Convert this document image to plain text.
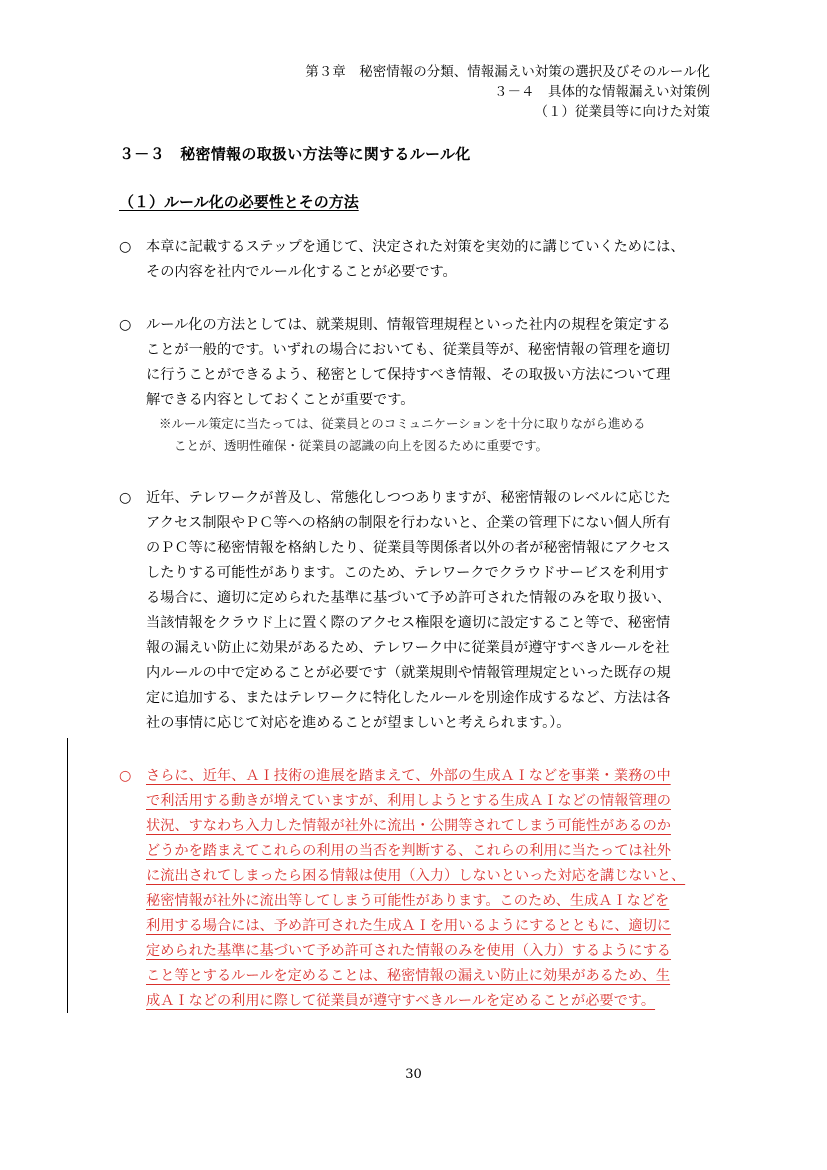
第３章　秘密情報の分類、情報漏えい対策の選択及びそのルール化
３－４　具体的な情報漏えい対策例
（１）従業員等に向けた対策
３－３　秘密情報の取扱い方法等に関するルール化
（１）ルール化の必要性とその方法
○ 本章に記載するステップを通じて、決定された対策を実効的に講じていくためには、
その内容を社内でルール化することが必要です。
○ ルール化の方法としては、就業規則、情報管理規程といった社内の規程を策定する
ことが一般的です。いずれの場合においても、従業員等が、秘密情報の管理を適切
に行うことができるよう、秘密として保持すべき情報、その取扱い方法について理
解できる内容としておくことが重要です。
※ルール策定に当たっては、従業員とのコミュニケーションを十分に取りながら進める
ことが、透明性確保・従業員の認識の向上を図るために重要です。
○ 近年、テレワークが普及し、常態化しつつありますが、秘密情報のレベルに応じた
アクセス制限やＰＣ等への格納の制限を行わないと、企業の管理下にない個人所有
のＰＣ等に秘密情報を格納したり、従業員等関係者以外の者が秘密情報にアクセス
したりする可能性があります。このため、テレワークでクラウドサービスを利用す
る場合に、適切に定められた基準に基づいて予め許可された情報のみを取り扱い、
当該情報をクラウド上に置く際のアクセス権限を適切に設定すること等で、秘密情
報の漏えい防止に効果があるため、テレワーク中に従業員が遵守すべきルールを社
内ルールの中で定めることが必要です（就業規則や情報管理規定といった既存の規
定に追加する、またはテレワークに特化したルールを別途作成するなど、方法は各
社の事情に応じて対応を進めることが望ましいと考えられます。）。
○ さらに、近年、ＡＩ技術の進展を踏まえて、外部の生成ＡＩなどを事業・業務の中
で利活用する動きが増えていますが、利用しようとする生成ＡＩなどの情報管理の
状況、すなわち入力した情報が社外に流出・公開等されてしまう可能性があるのか
どうかを踏まえてこれらの利用の当否を判断する、これらの利用に当たっては社外
に流出されてしまったら困る情報は使用（入力）しないといった対応を講じないと、
秘密情報が社外に流出等してしまう可能性があります。このため、生成ＡＩなどを
利用する場合には、予め許可された生成ＡＩを用いるようにするとともに、適切に
定められた基準に基づいて予め許可された情報のみを使用（入力）するようにする
こと等とするルールを定めることは、秘密情報の漏えい防止に効果があるため、生
成ＡＩなどの利用に際して従業員が遵守すべきルールを定めることが必要です。
30
